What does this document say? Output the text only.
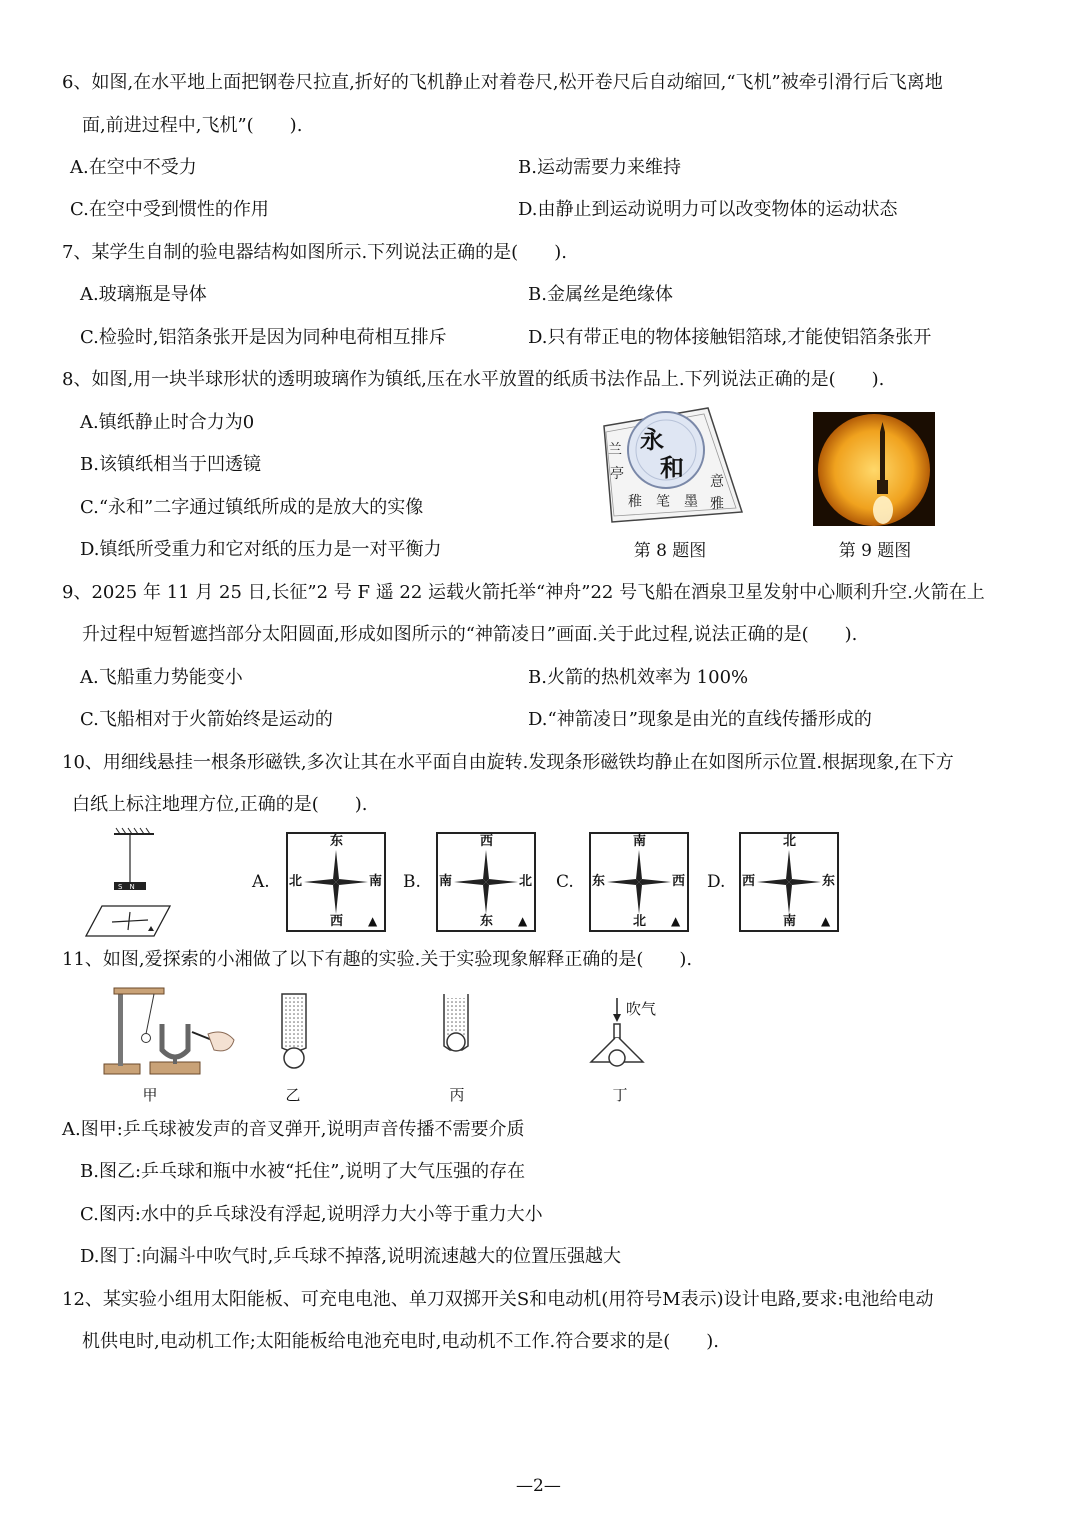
6、如图,在水平地上面把钢卷尺拉直,折好的飞机静止对着卷尺,松开卷尺后自动缩回,“飞机”被牵引滑行后飞离地
面,前进过程中,飞机”(　　).
A.在空中不受力	B.运动需要力来维持
C.在空中受到惯性的作用	D.由静止到运动说明力可以改变物体的运动状态
7、某学生自制的验电器结构如图所示.下列说法正确的是(　　).
A.玻璃瓶是导体	B.金属丝是绝缘体
C.检验时,铝箔条张开是因为同种电荷相互排斥	D.只有带正电的物体接触铝箔球,才能使铝箔条张开
8、如图,用一块半球形状的透明玻璃作为镇纸,压在水平放置的纸质书法作品上.下列说法正确的是(　　).
A.镇纸静止时合力为0
B.该镇纸相当于凹透镜
C.“永和”二字通过镇纸所成的是放大的实像
D.镇纸所受重力和它对纸的压力是一对平衡力
兰
亭
稚 笔 墨 雅
意
永
和
第 8 题图	第 9 题图
9、2025 年 11 月 25 日,长征”2 号 F 遥 22 运载火箭托举“神舟”22 号飞船在酒泉卫星发射中心顺利升空.火箭在上
升过程中短暂遮挡部分太阳圆面,形成如图所示的“神箭凌日”画面.关于此过程,说法正确的是(　　).
A.飞船重力势能变小	B.火箭的热机效率为 100%
C.飞船相对于火箭始终是运动的	D.“神箭凌日”现象是由光的直线传播形成的
10、用细线悬挂一根条形磁铁,多次让其在水平面自由旋转.发现条形磁铁均静止在如图所示位置.根据现象,在下方
白纸上标注地理方位,正确的是(　　).
S　N	A.
东
西
北	南
▲
B.
西
东
南	北
▲
C.
南
北
东	西
▲
D.
北
南
西	东
▲
11、如图,爱探索的小湘做了以下有趣的实验.关于实验现象解释正确的是(　　).
甲	乙	丙
吹气
丁
A.图甲:乒乓球被发声的音叉弹开,说明声音传播不需要介质
B.图乙:乒乓球和瓶中水被“托住”,说明了大气压强的存在
C.图丙:水中的乒乓球没有浮起,说明浮力大小等于重力大小
D.图丁:向漏斗中吹气时,乒乓球不掉落,说明流速越大的位置压强越大
12、某实验小组用太阳能板、可充电电池、单刀双掷开关S和电动机(用符号M表示)设计电路,要求:电池给电动
机供电时,电动机工作;太阳能板给电池充电时,电动机不工作.符合要求的是(　　).
—2—
